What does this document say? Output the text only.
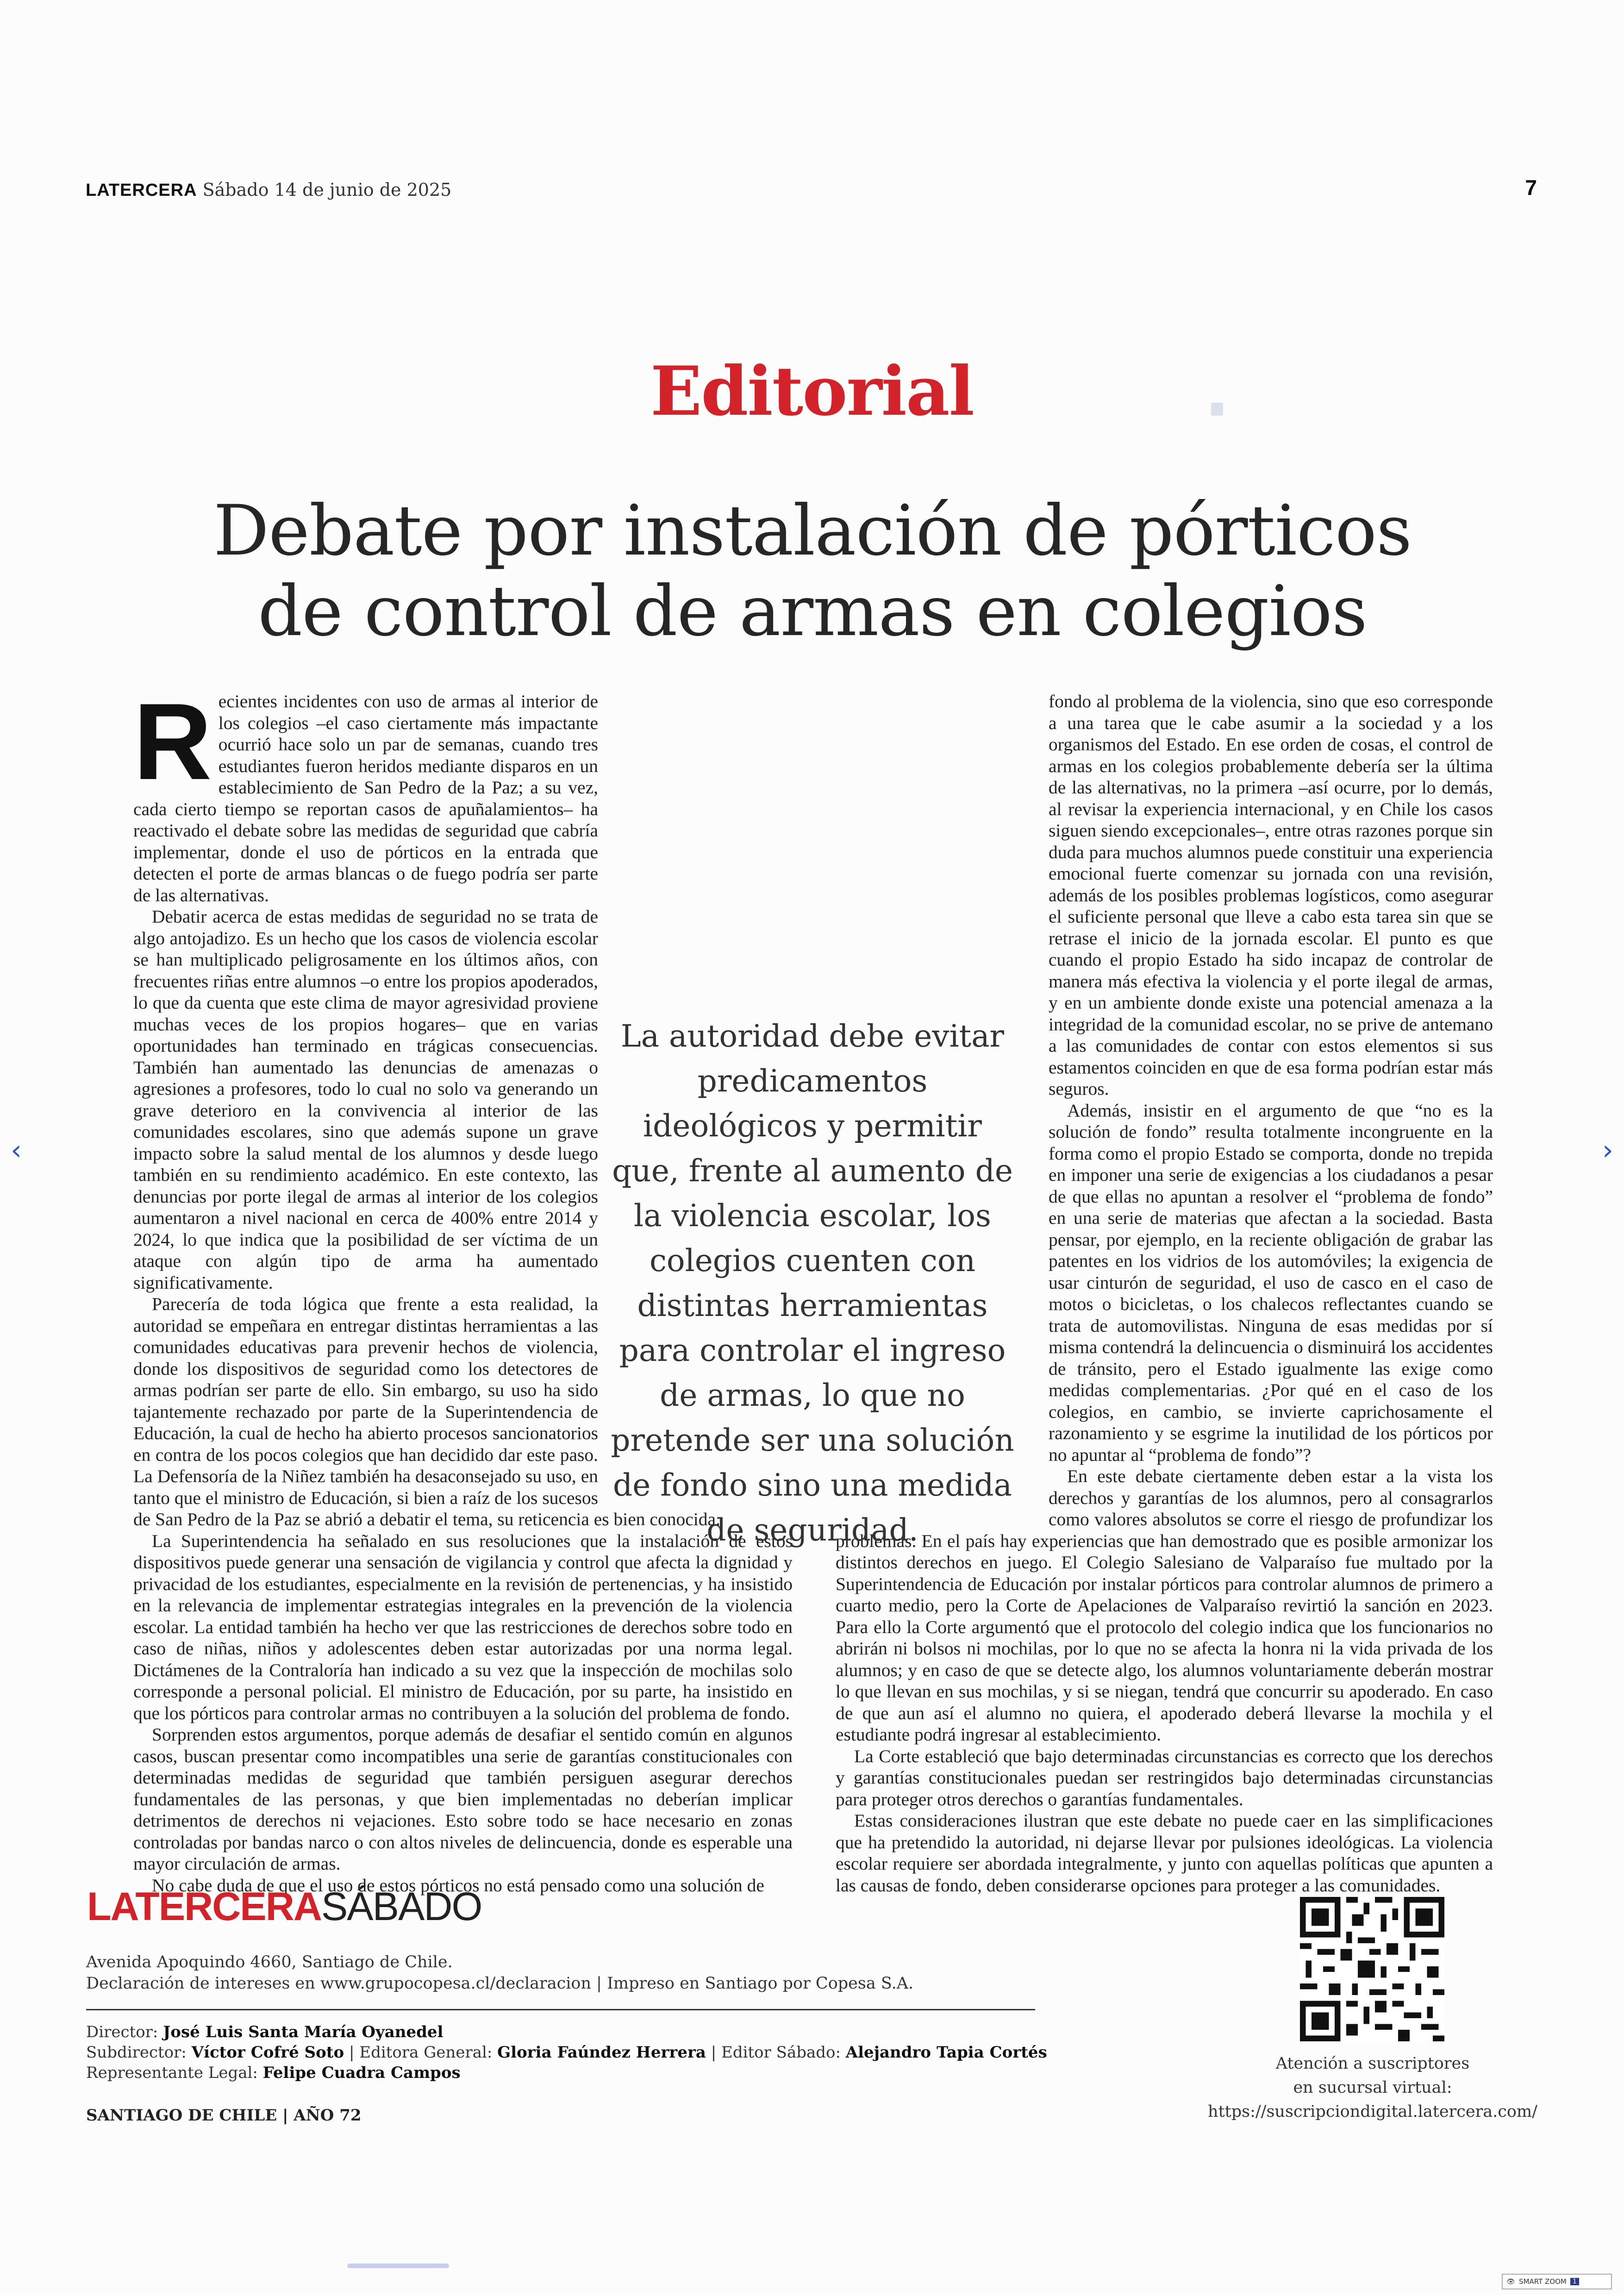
LATERCERA Sábado 14 de junio de 2025	7
Editorial
Debate por instalación de pórticos
de control de armas en colegios

Recientes incidentes con uso de armas al interior de los colegios –el caso ciertamente más impactante ocurrió hace solo un par de semanas, cuando tres estudiantes fueron heridos mediante disparos en un establecimiento de San Pedro de la Paz; a su vez, cada cierto tiempo se reportan casos de apuñalamientos– ha reactivado el debate sobre las medidas de seguridad que cabría implementar, donde el uso de pórticos en la entrada que detecten el porte de armas blancas o de fuego podría ser parte de las alternativas.

Debatir acerca de estas medidas de seguridad no se trata de algo antojadizo. Es un hecho que los casos de violencia escolar se han multiplicado peligrosamente en los últimos años, con frecuentes riñas entre alumnos –o entre los propios apoderados, lo que da cuenta que este clima de mayor agresividad proviene muchas veces de los propios hogares– que en varias oportunidades han terminado en trágicas consecuencias. También han aumentado las denuncias de amenazas o agresiones a profesores, todo lo cual no solo va generando un grave deterioro en la convivencia al interior de las comunidades escolares, sino que además supone un grave impacto sobre la salud mental de los alumnos y desde luego también en su rendimiento académico. En este contexto, las denuncias por porte ilegal de armas al interior de los colegios aumentaron a nivel nacional en cerca de 400% entre 2014 y 2024, lo que indica que la posibilidad de ser víctima de un ataque con algún tipo de arma ha aumentado significativamente.

Parecería de toda lógica que frente a esta realidad, la autoridad se empeñara en entregar distintas herramientas a las comunidades educativas para prevenir hechos de violencia, donde los dispositivos de seguridad como los detectores de armas podrían ser parte de ello. Sin embargo, su uso ha sido tajantemente rechazado por parte de la Superintendencia de Educación, la cual de hecho ha abierto procesos sancionatorios en contra de los pocos colegios que han decidido dar este paso. La Defensoría de la Niñez también ha desaconsejado su uso, en tanto que el ministro de Educación, si bien a raíz de los sucesos de San Pedro de la Paz se abrió a debatir el tema, su reticencia es bien conocida.

La Superintendencia ha señalado en sus resoluciones que la instalación de estos dispositivos puede generar una sensación de vigilancia y control que afecta la dignidad y privacidad de los estudiantes, especialmente en la revisión de pertenencias, y ha insistido en la relevancia de implementar estrategias integrales en la prevención de la violencia escolar. La entidad también ha hecho ver que las restricciones de derechos sobre todo en caso de niñas, niños y adolescentes deben estar autorizadas por una norma legal. Dictámenes de la Contraloría han indicado a su vez que la inspección de mochilas solo corresponde a personal policial. El ministro de Educación, por su parte, ha insistido en que los pórticos para controlar armas no contribuyen a la solución del problema de fondo.

Sorprenden estos argumentos, porque además de desafiar el sentido común en algunos casos, buscan presentar como incompatibles una serie de garantías constitucionales con determinadas medidas de seguridad que también persiguen asegurar derechos fundamentales de las personas, y que bien implementadas no deberían implicar detrimentos de derechos ni vejaciones. Esto sobre todo se hace necesario en zonas controladas por bandas narco o con altos niveles de delincuencia, donde es esperable una mayor circulación de armas.

No cabe duda de que el uso de estos pórticos no está pensado como una solución de

fondo al problema de la violencia, sino que eso corresponde a una tarea que le cabe asumir a la sociedad y a los organismos del Estado. En ese orden de cosas, el control de armas en los colegios probablemente debería ser la última de las alternativas, no la primera –así ocurre, por lo demás, al revisar la experiencia internacional, y en Chile los casos siguen siendo excepcionales–, entre otras razones porque sin duda para muchos alumnos puede constituir una experiencia emocional fuerte comenzar su jornada con una revisión, además de los posibles problemas logísticos, como asegurar el suficiente personal que lleve a cabo esta tarea sin que se retrase el inicio de la jornada escolar. El punto es que cuando el propio Estado ha sido incapaz de controlar de manera más efectiva la violencia y el porte ilegal de armas, y en un ambiente donde existe una potencial amenaza a la integridad de la comunidad escolar, no se prive de antemano a las comunidades de contar con estos elementos si sus estamentos coinciden en que de esa forma podrían estar más seguros.

Además, insistir en el argumento de que “no es la solución de fondo” resulta totalmente incongruente en la forma como el propio Estado se comporta, donde no trepida en imponer una serie de exigencias a los ciudadanos a pesar de que ellas no apuntan a resolver el “problema de fondo” en una serie de materias que afectan a la sociedad. Basta pensar, por ejemplo, en la reciente obligación de grabar las patentes en los vidrios de los automóviles; la exigencia de usar cinturón de seguridad, el uso de casco en el caso de motos o bicicletas, o los chalecos reflectantes cuando se trata de automovilistas. Ninguna de esas medidas por sí misma contendrá la delincuencia o disminuirá los accidentes de tránsito, pero el Estado igualmente las exige como medidas complementarias. ¿Por qué en el caso de los colegios, en cambio, se invierte caprichosamente el razonamiento y se esgrime la inutilidad de los pórticos por no apuntar al “problema de fondo”?

En este debate ciertamente deben estar a la vista los derechos y garantías de los alumnos, pero al consagrarlos como valores absolutos se corre el riesgo de profundizar los problemas. En el país hay experiencias que han demostrado que es posible armonizar los distintos derechos en juego. El Colegio Salesiano de Valparaíso fue multado por la Superintendencia de Educación por instalar pórticos para controlar alumnos de primero a cuarto medio, pero la Corte de Apelaciones de Valparaíso revirtió la sanción en 2023. Para ello la Corte argumentó que el protocolo del colegio indica que los funcionarios no abrirán ni bolsos ni mochilas, por lo que no se afecta la honra ni la vida privada de los alumnos; y en caso de que se detecte algo, los alumnos voluntariamente deberán mostrar lo que llevan en sus mochilas, y si se niegan, tendrá que concurrir su apoderado. En caso de que aun así el alumno no quiera, el apoderado deberá llevarse la mochila y el estudiante podrá ingresar al establecimiento.

La Corte estableció que bajo determinadas circunstancias es correcto que los derechos y garantías constitucionales puedan ser restringidos bajo determinadas circunstancias para proteger otros derechos o garantías fundamentales.

Estas consideraciones ilustran que este debate no puede caer en las simplificaciones que ha pretendido la autoridad, ni dejarse llevar por pulsiones ideológicas. La violencia escolar requiere ser abordada integralmente, y junto con aquellas políticas que apunten a las causas de fondo, deben considerarse opciones para proteger a las comunidades.

La autoridad debe evitar predicamentos ideológicos y permitir que, frente al aumento de la violencia escolar, los colegios cuenten con distintas herramientas para controlar el ingreso de armas, lo que no pretende ser una solución de fondo sino una medida de seguridad.
LATERCERASÁBADO
Avenida Apoquindo 4660, Santiago de Chile.
Declaración de intereses en www.grupocopesa.cl/declaracion | Impreso en Santiago por Copesa S.A.
Director: José Luis Santa María Oyanedel
Subdirector: Víctor Cofré Soto | Editora General: Gloria Faúndez Herrera | Editor Sábado: Alejandro Tapia Cortés
Representante Legal: Felipe Cuadra Campos
SANTIAGO DE CHILE | AÑO 72
Atención a suscriptores
en sucursal virtual:
https://suscripciondigital.latercera.com/
‹	›
👁 SMART ZOOM 1
